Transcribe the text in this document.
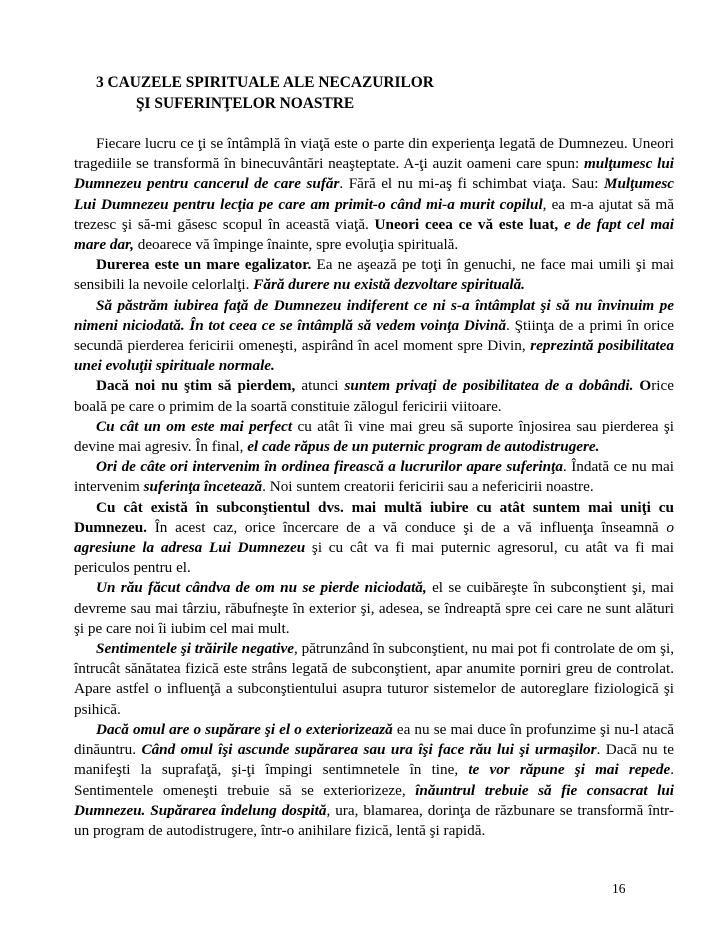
3 CAUZELE SPIRITUALE ALE NECAZURILOR
ŞI SUFERINŢELOR NOASTRE

Fiecare lucru ce ţi se întâmplă în viaţă este o parte din experienţa legată de Dumnezeu. Uneori tragediile se transformă în binecuvântări neaşteptate. A-ţi auzit oameni care spun: mulţumesc lui Dumnezeu pentru cancerul de care sufăr. Fără el nu mi-aş fi schimbat viaţa. Sau: Mulţumesc Lui Dumnezeu pentru lecţia pe care am primit-o când mi-a murit copilul, ea m-a ajutat să mă trezesc şi să-mi găsesc scopul în această viaţă. Uneori ceea ce vă este luat, e de fapt cel mai mare dar, deoarece vă împinge înainte, spre evoluţia spirituală.

Durerea este un mare egalizator. Ea ne aşează pe toţi în genuchi, ne face mai umili şi mai sensibili la nevoile celorlalţi. Fără durere nu există dezvoltare spirituală.

Să păstrăm iubirea faţă de Dumnezeu indiferent ce ni s-a întâmplat şi să nu învinuim pe nimeni niciodată. În tot ceea ce se întâmplă să vedem voinţa Divină. Ştiinţa de a primi în orice secundă pierderea fericirii omeneşti, aspirând în acel moment spre Divin, reprezintă posibilitatea unei evoluţii spirituale normale.

Dacă noi nu ştim să pierdem, atunci suntem privaţi de posibilitatea de a dobândi. Orice boală pe care o primim de la soartă constituie zălogul fericirii viitoare.

Cu cât un om este mai perfect cu atât îi vine mai greu să suporte înjosirea sau pierderea şi devine mai agresiv. În final, el cade răpus de un puternic program de autodistrugere.

Ori de câte ori intervenim în ordinea firească a lucrurilor apare suferinţa. Îndată ce nu mai intervenim suferinţa încetează. Noi suntem creatorii fericirii sau a nefericirii noastre.

Cu cât există în subconştientul dvs. mai multă iubire cu atât suntem mai uniţi cu Dumnezeu. În acest caz, orice încercare de a vă conduce şi de a vă influenţa înseamnă o agresiune la adresa Lui Dumnezeu şi cu cât va fi mai puternic agresorul, cu atât va fi mai periculos pentru el.

Un rău făcut cândva de om nu se pierde niciodată, el se cuibăreşte în subconştient şi, mai devreme sau mai târziu, răbufneşte în exterior şi, adesea, se îndreaptă spre cei care ne sunt alături şi pe care noi îi iubim cel mai mult.

Sentimentele şi trăirile negative, pătrunzând în subconştient, nu mai pot fi controlate de om şi, întrucât sănătatea fizică este strâns legată de subconştient, apar anumite porniri greu de controlat. Apare astfel o influenţă a subconştientului asupra tuturor sistemelor de autoreglare fiziologică şi psihică.

Dacă omul are o supărare şi el o exteriorizează ea nu se mai duce în profunzime şi nu-l atacă dinăuntru. Când omul îşi ascunde supărarea sau ura îşi face rău lui şi urmaşilor. Dacă nu te manifeşti la suprafaţă, şi-ţi împingi sentimnetele în tine, te vor răpune şi mai repede. Sentimentele omeneşti trebuie să se exteriorizeze, înăuntrul trebuie să fie consacrat lui Dumnezeu. Supărarea îndelung dospită, ura, blamarea, dorinţa de răzbunare se transformă într-un program de autodistrugere, într-o anihilare fizică, lentă şi rapidă.

16
